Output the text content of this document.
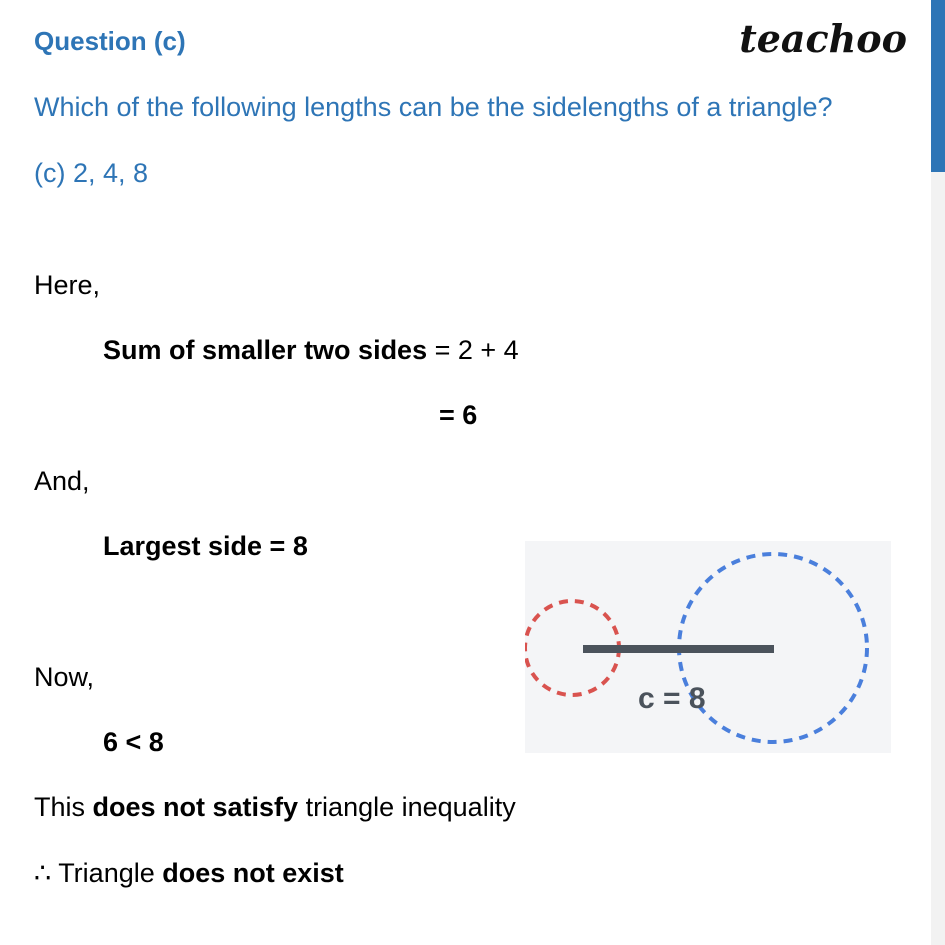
Question (c)	teachoo
Which of the following lengths can be the sidelengths of a triangle?
(c) 2, 4, 8
Here,
Sum of smaller two sides = 2 + 4
= 6
And,
Largest side = 8
Now,
6 < 8
This does not satisfy triangle inequality
∴ Triangle does not exist
c = 8
